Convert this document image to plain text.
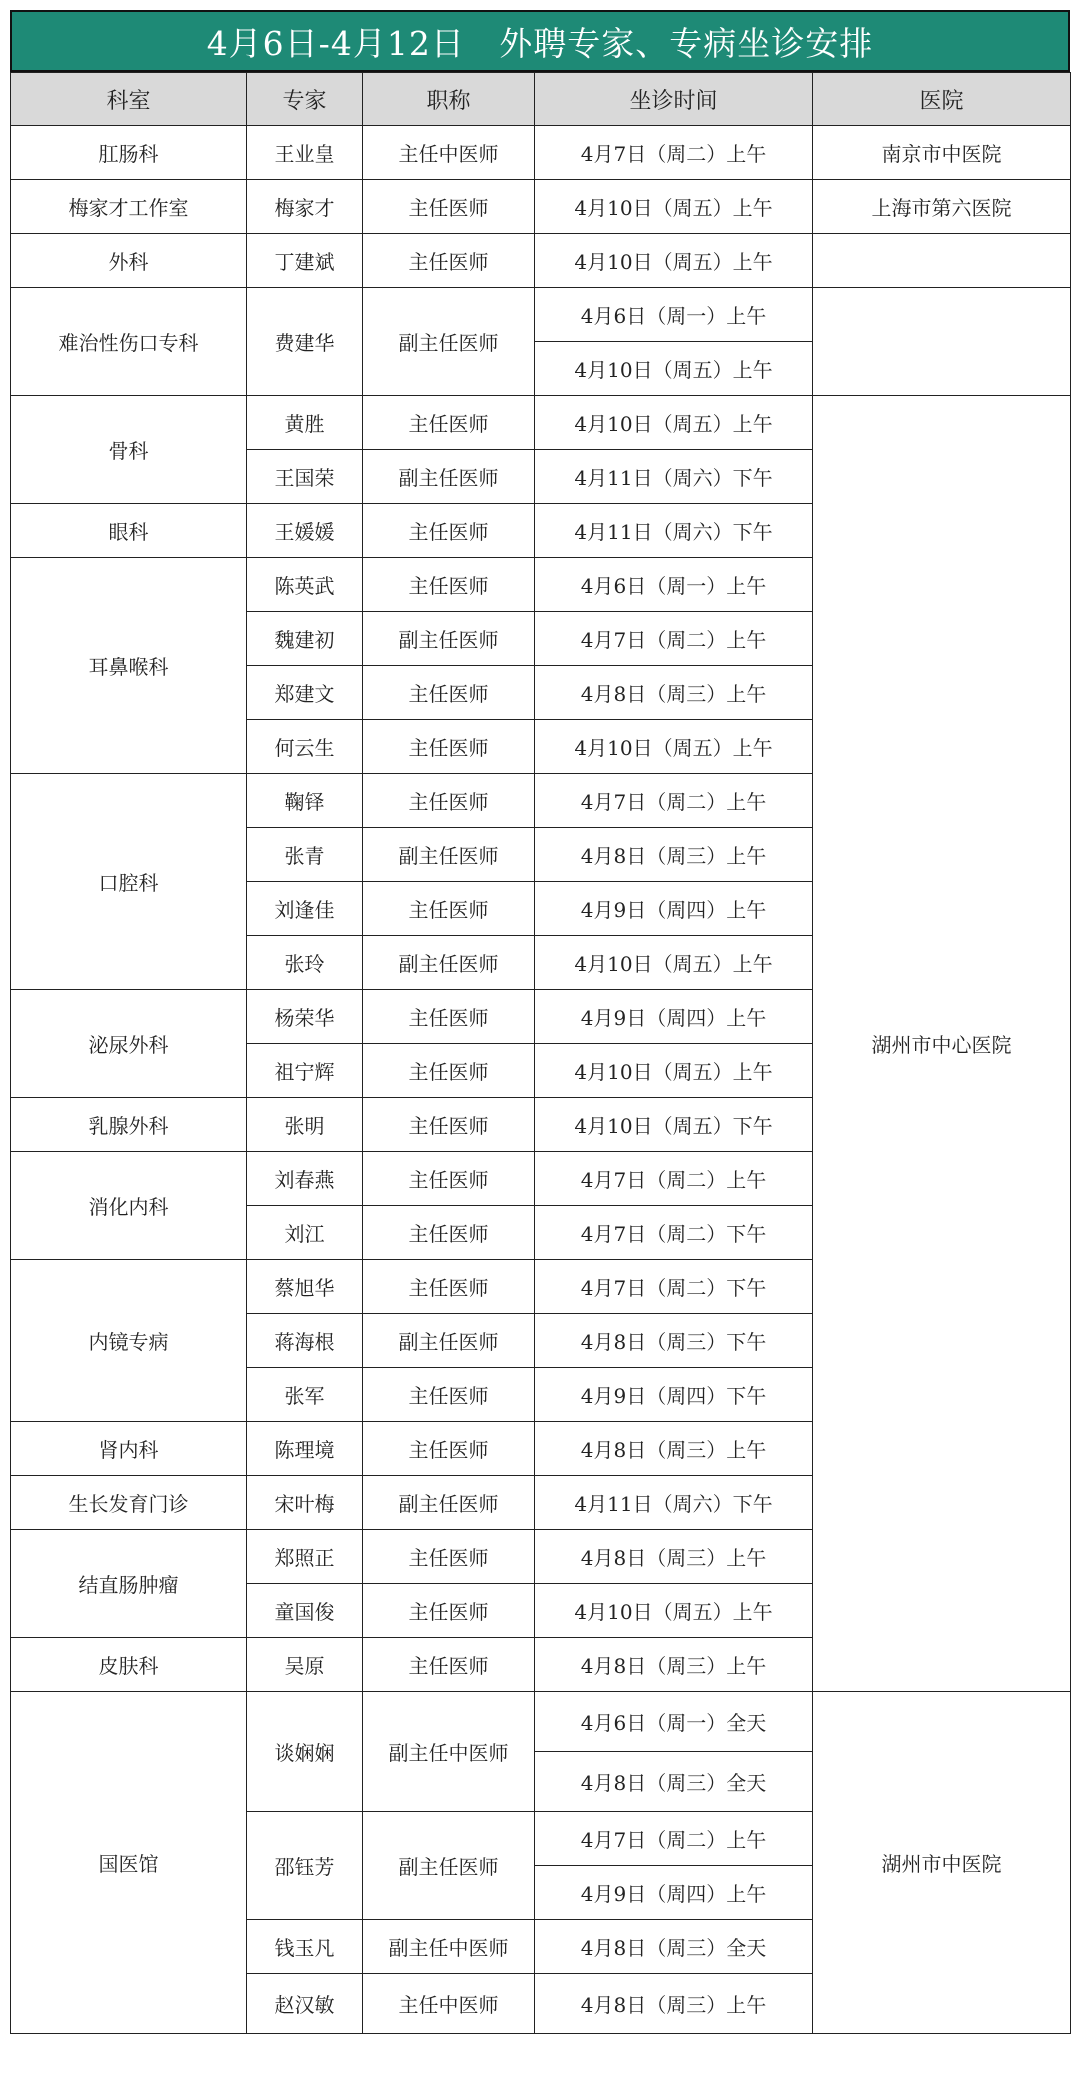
4月6日-4月12日   外聘专家、专病坐诊安排
科室	专家	职称	坐诊时间	医院	
肛肠科	王业皇	主任中医师	4月7日（周二）上午	南京市中医院	
梅家才工作室	梅家才	主任医师	4月10日（周五）上午	上海市第六医院	
外科	丁建斌	主任医师	4月10日（周五）上午		
难治性伤口专科	费建华	副主任医师	4月6日（周一）上午		
			4月10日（周五）上午		
骨科	黄胜	主任医师	4月10日（周五）上午	湖州市中心医院	
	王国荣	副主任医师	4月11日（周六）下午		
眼科	王媛媛	主任医师	4月11日（周六）下午		
耳鼻喉科	陈英武	主任医师	4月6日（周一）上午		
	魏建初	副主任医师	4月7日（周二）上午		
	郑建文	主任医师	4月8日（周三）上午		
	何云生	主任医师	4月10日（周五）上午		
口腔科	鞠铎	主任医师	4月7日（周二）上午		
	张青	副主任医师	4月8日（周三）上午		
	刘逢佳	主任医师	4月9日（周四）上午		
	张玲	副主任医师	4月10日（周五）上午		
泌尿外科	杨荣华	主任医师	4月9日（周四）上午		
	祖宁辉	主任医师	4月10日（周五）上午		
乳腺外科	张明	主任医师	4月10日（周五）下午		
消化内科	刘春燕	主任医师	4月7日（周二）上午		
	刘江	主任医师	4月7日（周二）下午		
内镜专病	蔡旭华	主任医师	4月7日（周二）下午		
	蒋海根	副主任医师	4月8日（周三）下午		
	张军	主任医师	4月9日（周四）下午		
肾内科	陈理境	主任医师	4月8日（周三）上午		
生长发育门诊	宋叶梅	副主任医师	4月11日（周六）下午		
结直肠肿瘤	郑照正	主任医师	4月8日（周三）上午		
	童国俊	主任医师	4月10日（周五）上午		
皮肤科	吴原	主任医师	4月8日（周三）上午		
国医馆	谈娴娴	副主任中医师	4月6日（周一）全天	湖州市中医院	
			4月8日（周三）全天		
	邵钰芳	副主任医师	4月7日（周二）上午		
			4月9日（周四）上午		
	钱玉凡	副主任中医师	4月8日（周三）全天		
	赵汉敏	主任中医师	4月8日（周三）上午		
